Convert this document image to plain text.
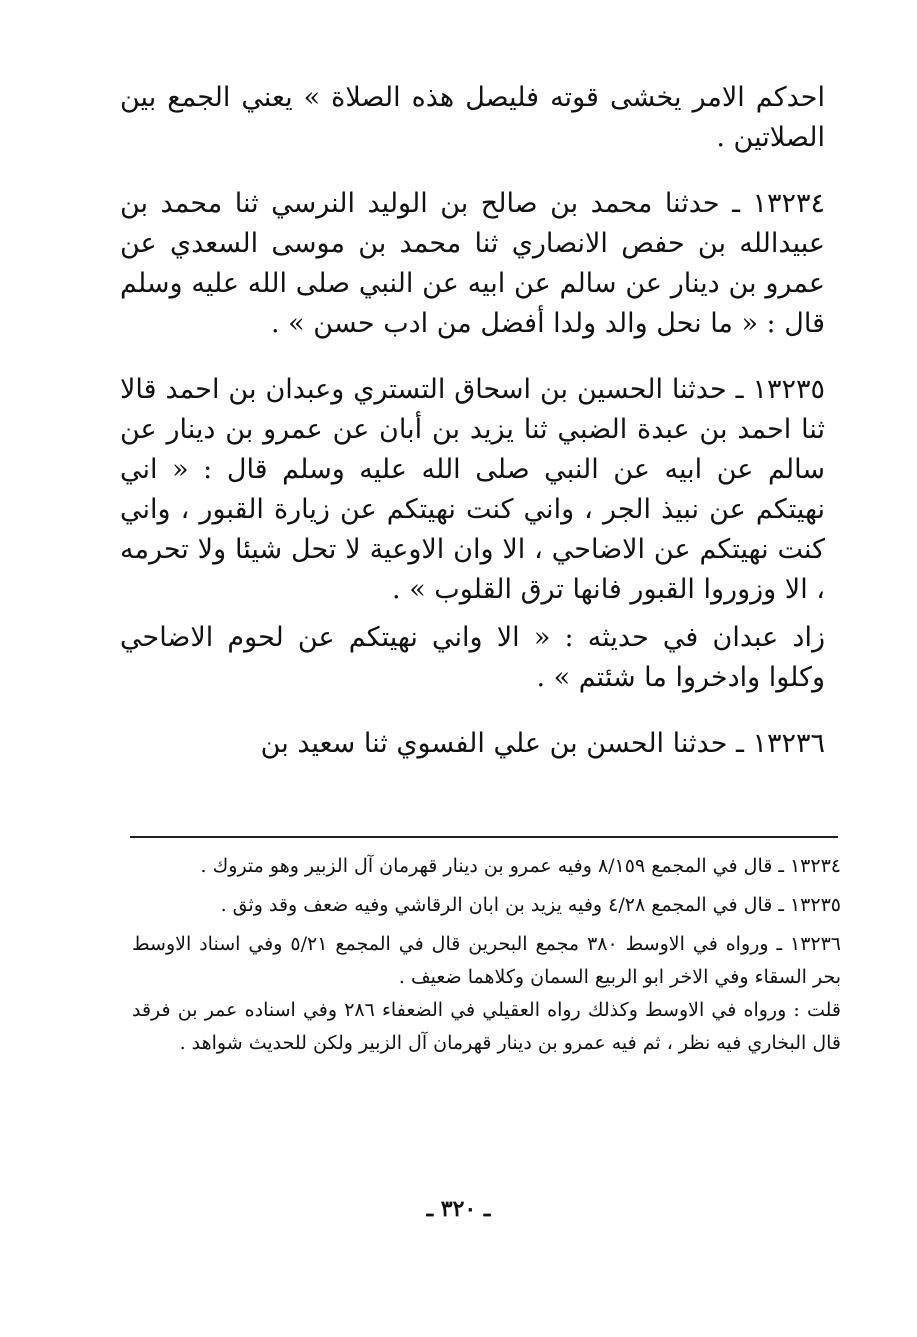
احدكم الامر يخشى قوته فليصل هذه الصلاة » يعني الجمع بين الصلاتين .

١٣٢٣٤ ـ حدثنا محمد بن صالح بن الوليد النرسي ثنا محمد بن عبيدالله بن حفص الانصاري ثنا محمد بن موسى السعدي عن عمرو بن دينار عن سالم عن ابيه عن النبي صلى الله عليه وسلم قال : « ما نحل والد ولدا أفضل من ادب حسن » .

١٣٢٣٥ ـ حدثنا الحسين بن اسحاق التستري وعبدان بن احمد قالا ثنا احمد بن عبدة الضبي ثنا يزيد بن أبان عن عمرو بن دينار عن سالم عن ابيه عن النبي صلى الله عليه وسلم قال : « اني نهيتكم عن نبيذ الجر ، واني كنت نهيتكم عن زيارة القبور ، واني كنت نهيتكم عن الاضاحي ، الا وان الاوعية لا تحل شيئا ولا تحرمه ، الا وزوروا القبور فانها ترق القلوب » .

زاد عبدان في حديثه : « الا واني نهيتكم عن لحوم الاضاحي وكلوا وادخروا ما شئتم » .

١٣٢٣٦ ـ حدثنا الحسن بن علي الفسوي ثنا سعيد بن

١٣٢٣٤ ـ قال في المجمع ٨/١٥٩ وفيه عمرو بن دينار قهرمان آل الزبير وهو متروك .

١٣٢٣٥ ـ قال في المجمع ٤/٢٨ وفيه يزيد بن ابان الرقاشي وفيه ضعف وقد وثق .

١٣٢٣٦ ـ ورواه في الاوسط ٣٨٠ مجمع البحرين قال في المجمع ٥/٢١ وفي اسناد الاوسط بحر السقاء وفي الاخر ابو الربيع السمان وكلاهما ضعيف .

قلت : ورواه في الاوسط وكذلك رواه العقيلي في الضعفاء ٢٨٦ وفي اسناده عمر بن فرقد قال البخاري فيه نظر ، ثم فيه عمرو بن دينار قهرمان آل الزبير ولكن للحديث شواهد .

ـ ٣٢٠ ـ
